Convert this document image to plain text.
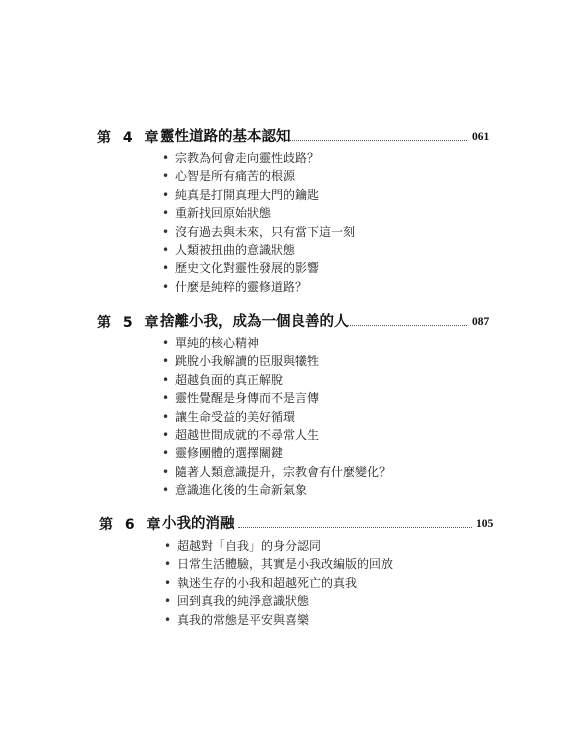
第 4 章 靈性道路的基本認知	061
• 宗教為何會走向靈性歧路？
• 心智是所有痛苦的根源
• 純真是打開真理大門的鑰匙
• 重新找回原始狀態
• 沒有過去與未來，只有當下這一刻
• 人類被扭曲的意識狀態
• 歷史文化對靈性發展的影響
• 什麼是純粹的靈修道路？
第 5 章 捨離小我，成為一個良善的人	087
• 單純的核心精神
• 跳脫小我解讀的臣服與犧牲
• 超越負面的真正解脫
• 靈性覺醒是身傳而不是言傳
• 讓生命受益的美好循環
• 超越世間成就的不尋常人生
• 靈修團體的選擇關鍵
• 隨著人類意識提升，宗教會有什麼變化？
• 意識進化後的生命新氣象
第 6 章 小我的消融	105
• 超越對「自我」的身分認同
• 日常生活體驗，其實是小我改編版的回放
• 執迷生存的小我和超越死亡的真我
• 回到真我的純淨意識狀態
• 真我的常態是平安與喜樂
